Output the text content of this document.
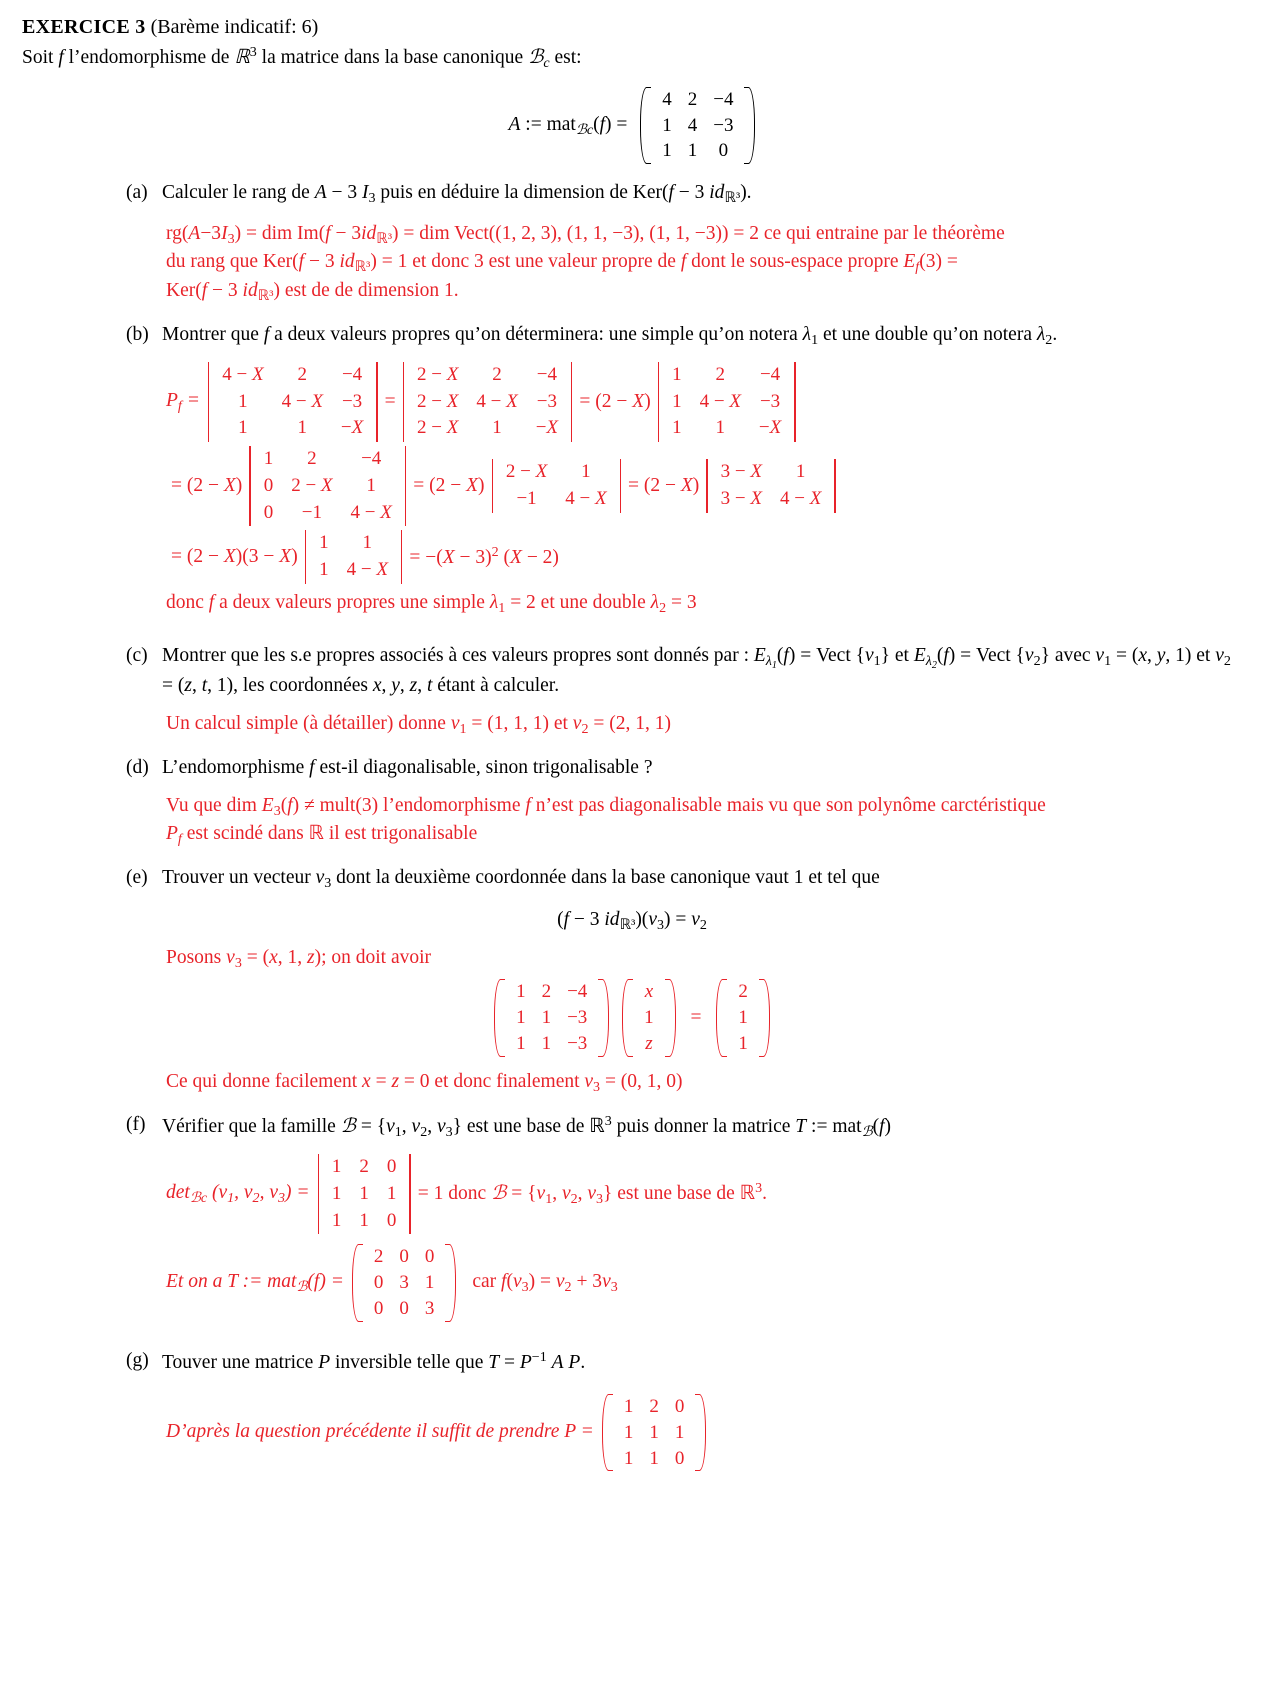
EXERCICE 3 (Barème indicatif: 6)
Soit f l’endomorphisme de ℝ$^3$ la matrice dans la base canonique ℬ$_c$ est:
A := mat$_{ℬc}$(f) =
4	2	−4
1	4	−3
1	1	0
(a) Calculer le rang de A − 3 $I_3$ puis en déduire la dimension de Ker(f − 3 $id_{ℝ^3}$).
$rg(A-3I_3)$ = dim $Im(f - 3id_{ℝ^3})$ = dim Vect((1, 2, 3), (1, 1, −3), (1, 1, −3)) = 2 ce qui entraine par le théorème
du rang que Ker(f − 3 $id_{ℝ^3}) = 1$ et donc 3 est une valeur propre de f dont le sous-espace propre $E_f(3)$ =
Ker(f − 3 $id_{ℝ^3}$) est de de dimension 1.
(b) Montrer que f a deux valeurs propres qu’on déterminera: une simple qu’on notera $\lambda_1$ et une double qu’on notera $\lambda_2$.
$P_f$ =
4 − X	2	−4
1	4 − X	−3
1	1	−X
=
2 − X	2	−4
2 − X	4 − X	−3
2 − X	1	−X
= (2 − X)
1	2	−4
1	4 − X	−3
1	1	−X
= (2 − X)
1	2	−4
0	2 − X	1
0	−1	4 − X
= (2 − X)
2 − X	1
−1	4 − X
= (2 − X)
3 − X	1
3 − X	4 − X
= (2 − X)(3 − X)
1	1
1	4 − X
= $-(X - 3)^2$ (X − 2)
donc f a deux valeurs propres une simple $\lambda_1 = 2$ et une double $\lambda_2 = 3$
(c) Montrer que les s.e propres associés à ces valeurs propres sont donnés par : $E_{\lambda_1}(f)$ = Vect $\{v_1\}$ et $E_{\lambda_2}(f)$ = Vect $\{v_2\}$ avec $v_1 = (x$, y, 1) et $v_2 = (z$, t, 1), les coordonnées x, y, z, t étant à calculer.
Un calcul simple (à détailler) donne $v_1 = (1$, 1, 1) et $v_2 = (2$, 1, 1)
(d) L’endomorphisme f est-il diagonalisable, sinon trigonalisable ?
Vu que dim $E_3(f)$ ≠ mult(3) l’endomorphisme f n’est pas diagonalisable mais vu que son polynôme carctéristique
$P_f$ est scindé dans ℝ il est trigonalisable
(e) Trouver un vecteur $v_3$ dont la deuxième coordonnée dans la base canonique vaut 1 et tel que
(f − 3 $id_{ℝ^3})(v_3) = v_2$
Posons $v_3 = (x$, 1, z); on doit avoir
1	2	−4
1	1	−3
1	1	−3

x
1
z
=
2
1
1
Ce qui donne facilement x = z = 0 et donc finalement $v_3 = (0$, 1, 0)
(f) Vérifier que la famille ℬ = {$v_1$, $v_2$, $v_3$} est une base de ℝ$^3$ puis donner la matrice T := mat$_ℬ$(f)
$\det_{ℬc} (v_1$, $v_2$, $v_3$) =
1	2	0
1	1	1
1	1	0
= 1 donc ℬ = {$v_1$, $v_2$, $v_3$} est une base de ℝ$^3$.
Et on a T := mat$_ℬ$(f) =
2	0	0
0	3	1
0	0	3
car $f(v_3) = v_2 + 3v_3$
(g) Touver une matrice P inversible telle que $T = P^{-1}$ A P.
D’après la question précédente il suffit de prendre P =
1	2	0
1	1	1
1	1	0
